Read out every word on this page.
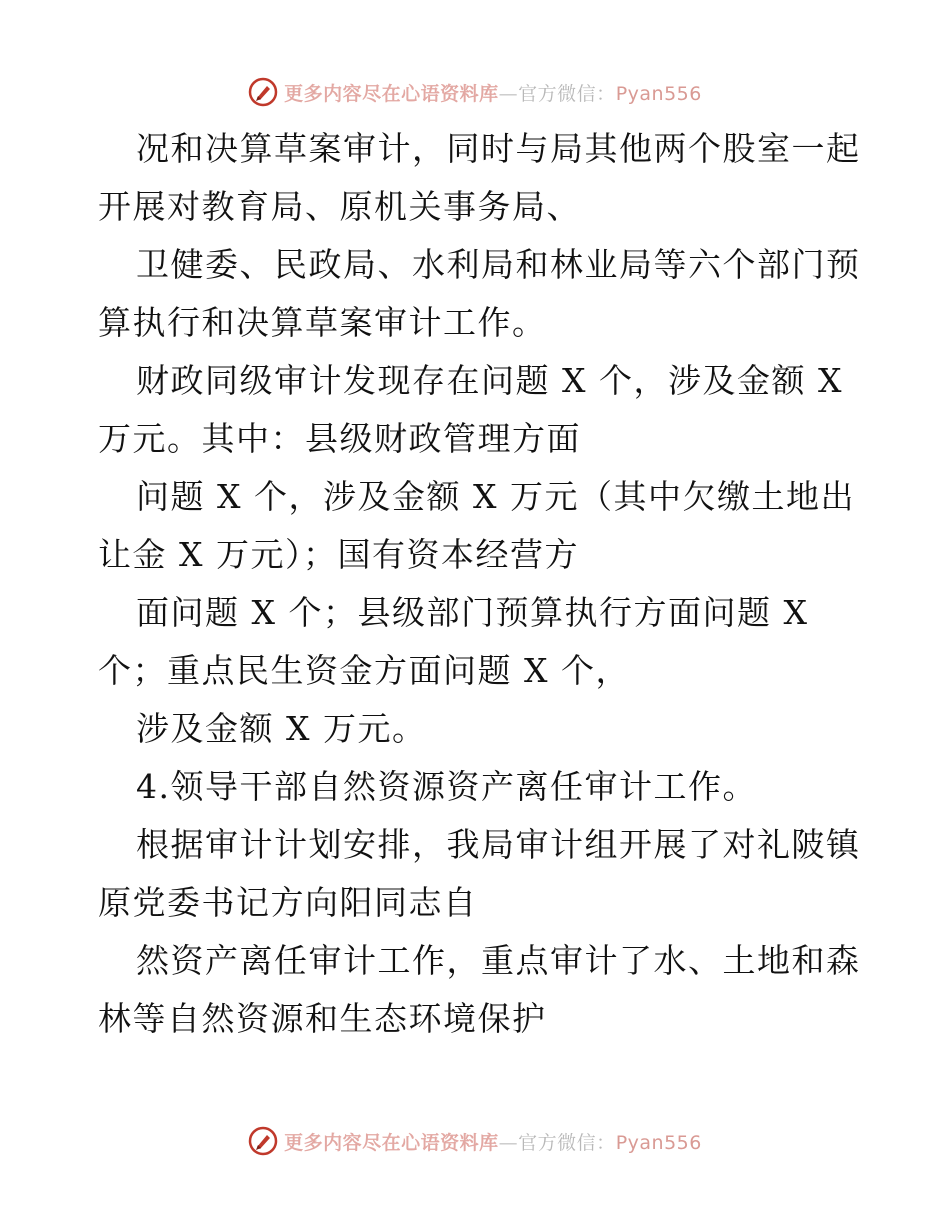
更多内容尽在心语资料库—官方微信：Pyan556
况和决算草案审计，同时与局其他两个股室一起
开展对教育局、原机关事务局、
卫健委、民政局、水利局和林业局等六个部门预
算执行和决算草案审计工作。
财政同级审计发现存在问题 X 个，涉及金额 X
万元。其中：县级财政管理方面
问题 X 个，涉及金额 X 万元（其中欠缴土地出
让金 X 万元）；国有资本经营方
面问题 X 个；县级部门预算执行方面问题 X
个；重点民生资金方面问题 X 个，
涉及金额 X 万元。
4.领导干部自然资源资产离任审计工作。
根据审计计划安排，我局审计组开展了对礼陂镇
原党委书记方向阳同志自
然资产离任审计工作，重点审计了水、土地和森
林等自然资源和生态环境保护
更多内容尽在心语资料库—官方微信：Pyan556
